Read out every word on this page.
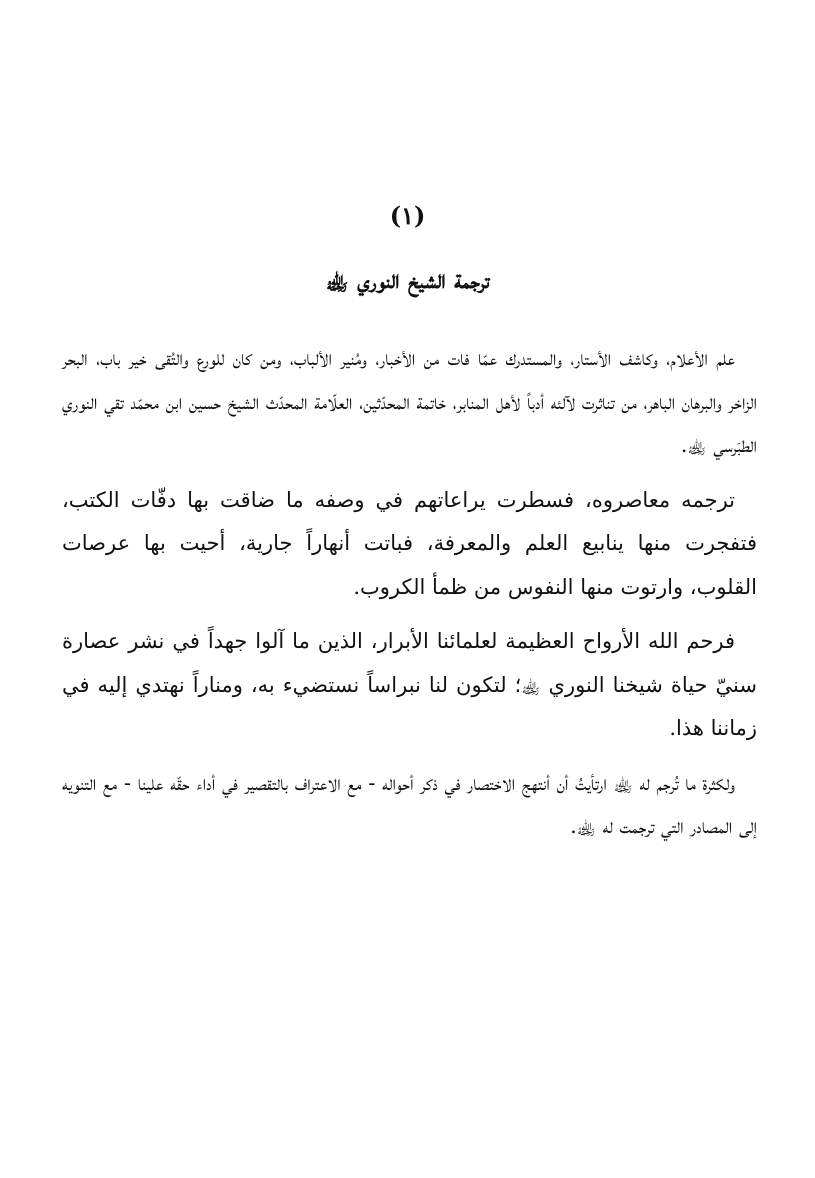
(١)
ترجمة الشيخ النوري ﵀

علم الأعلام، وكاشف الأستار، والمستدرك عمّا فات من الأخبار، ومُنير الألباب، ومن كان للورع والتُقى خير باب، البحر الزاخر والبرهان الباهر، من تناثرت لآلئه أدباً لأهل المنابر، خاتمة المحدّثين، العلّامة المحدّث الشيخ حسين ابن محمّد تقي النوري الطبَرسي ﵀.

ترجمه معاصروه، فسطرت يراعاتهم في وصفه ما ضاقت بها دفّات الكتب، فتفجرت منها ينابيع العلم والمعرفة، فباتت أنهاراً جارية، أحيت بها عرصات القلوب، وارتوت منها النفوس من ظمأ الكروب.

فرحم الله الأرواح العظيمة لعلمائنا الأبرار، الذين ما آلوا جهداً في نشر عصارة سنيّ حياة شيخنا النوري ﵀؛ لتكون لنا نبراساً نستضيء به، ومناراً نهتدي إليه في زماننا هذا.

ولكثرة ما تُرجم له ﵀ ارتأيتُ أن أنتهج الاختصار في ذكر أحواله - مع الاعتراف بالتقصير في أداء حقّه علينا - مع التنويه إلى المصادر التي ترجمت له ﵀.
